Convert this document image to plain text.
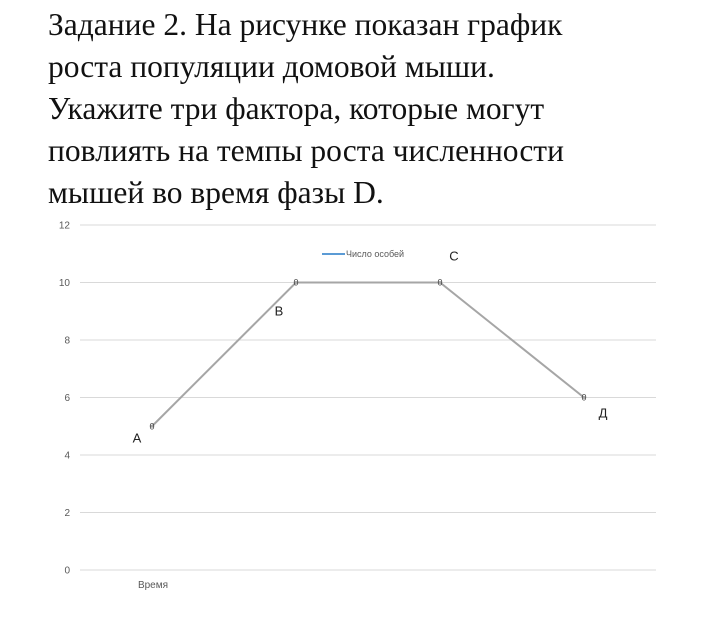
Задание 2. На рисунке показан график
роста популяции домовой мыши.
Укажите три фактора, которые могут
повлиять на темпы роста численности
мышей во время фазы D.
0
2
4
6
8
10
12
Число особей
0
0	0
0
А
В
С
Д
Время
